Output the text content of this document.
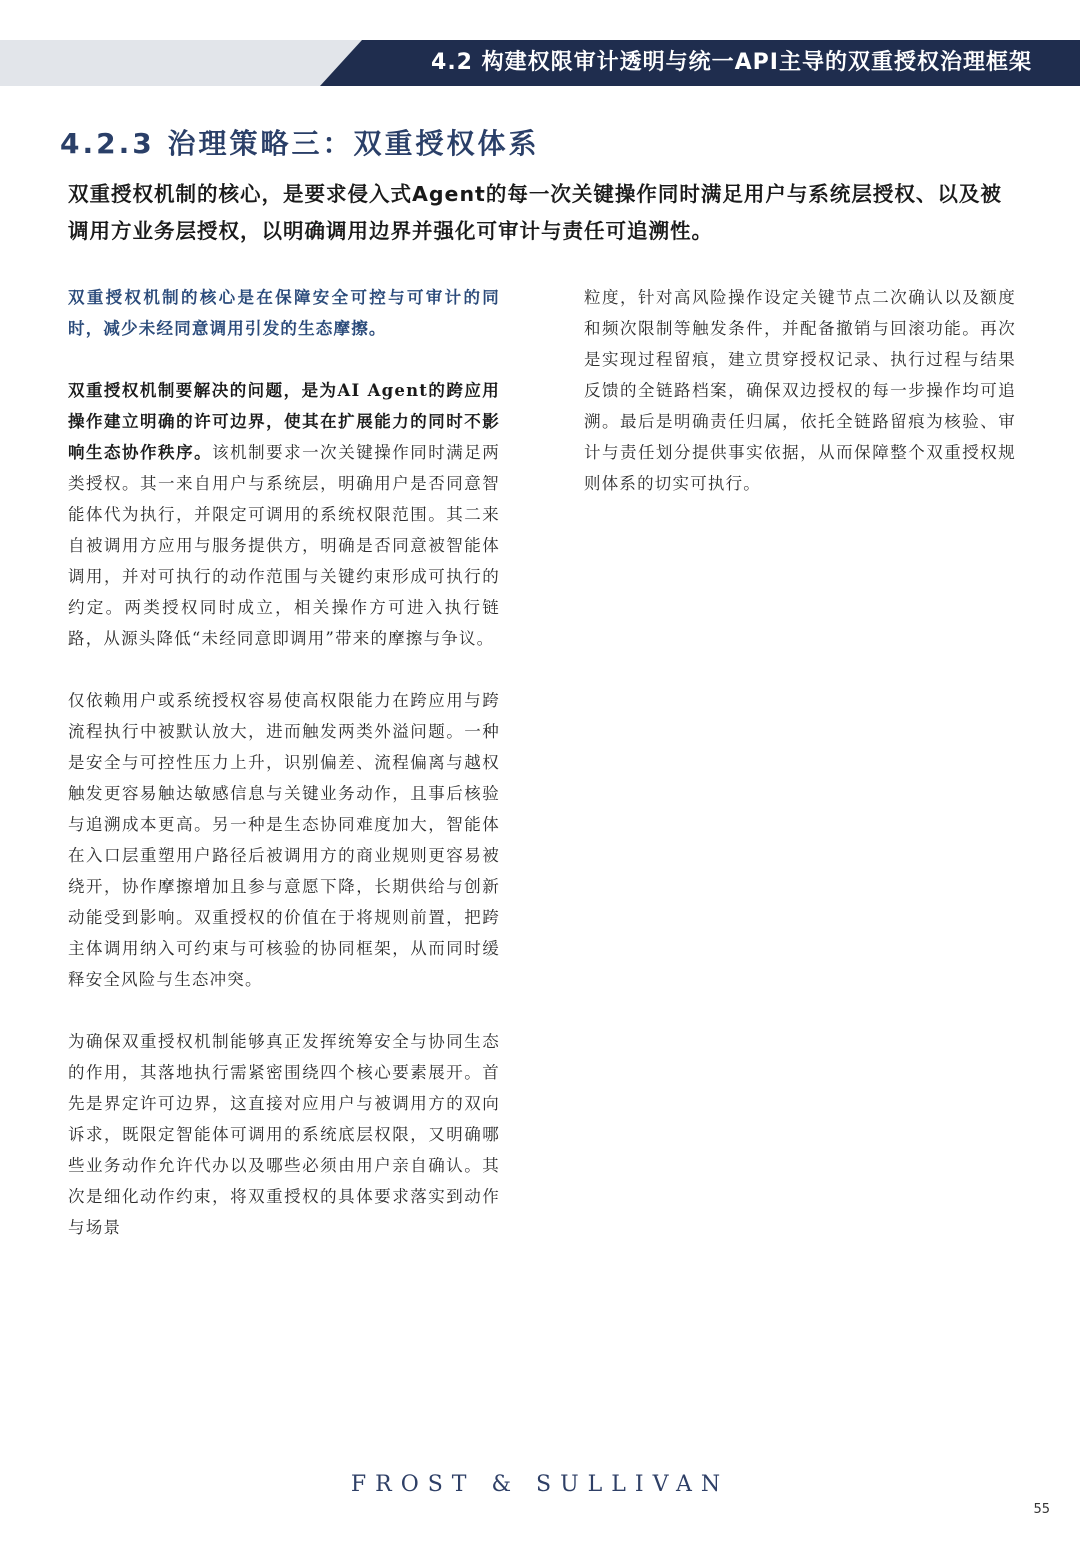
4.2 构建权限审计透明与统一API主导的双重授权治理框架
4.2.3 治理策略三：双重授权体系

双重授权机制的核心，是要求侵入式Agent的每一次关键操作同时满足用户与系统层授权、以及被调用方业务层授权，以明确调用边界并强化可审计与责任可追溯性。

双重授权机制的核心是在保障安全可控与可审计的同时，减少未经同意调用引发的生态摩擦。

双重授权机制要解决的问题，是为AI Agent的跨应用操作建立明确的许可边界，使其在扩展能力的同时不影响生态协作秩序。该机制要求一次关键操作同时满足两类授权。其一来自用户与系统层，明确用户是否同意智能体代为执行，并限定可调用的系统权限范围。其二来自被调用方应用与服务提供方，明确是否同意被智能体调用，并对可执行的动作范围与关键约束形成可执行的约定。两类授权同时成立，相关操作方可进入执行链路，从源头降低“未经同意即调用”带来的摩擦与争议。

仅依赖用户或系统授权容易使高权限能力在跨应用与跨流程执行中被默认放大，进而触发两类外溢问题。一种是安全与可控性压力上升，识别偏差、流程偏离与越权触发更容易触达敏感信息与关键业务动作，且事后核验与追溯成本更高。另一种是生态协同难度加大，智能体在入口层重塑用户路径后被调用方的商业规则更容易被绕开，协作摩擦增加且参与意愿下降，长期供给与创新动能受到影响。双重授权的价值在于将规则前置，把跨主体调用纳入可约束与可核验的协同框架，从而同时缓释安全风险与生态冲突。

为确保双重授权机制能够真正发挥统筹安全与协同生态的作用，其落地执行需紧密围绕四个核心要素展开。首先是界定许可边界，这直接对应用户与被调用方的双向诉求，既限定智能体可调用的系统底层权限，又明确哪些业务动作允许代办以及哪些必须由用户亲自确认。其次是细化动作约束，将双重授权的具体要求落实到动作与场景

粒度，针对高风险操作设定关键节点二次确认以及额度和频次限制等触发条件，并配备撤销与回滚功能。再次是实现过程留痕，建立贯穿授权记录、执行过程与结果反馈的全链路档案，确保双边授权的每一步操作均可追溯。最后是明确责任归属，依托全链路留痕为核验、审计与责任划分提供事实依据，从而保障整个双重授权规则体系的切实可执行。

FROST & SULLIVAN
55
